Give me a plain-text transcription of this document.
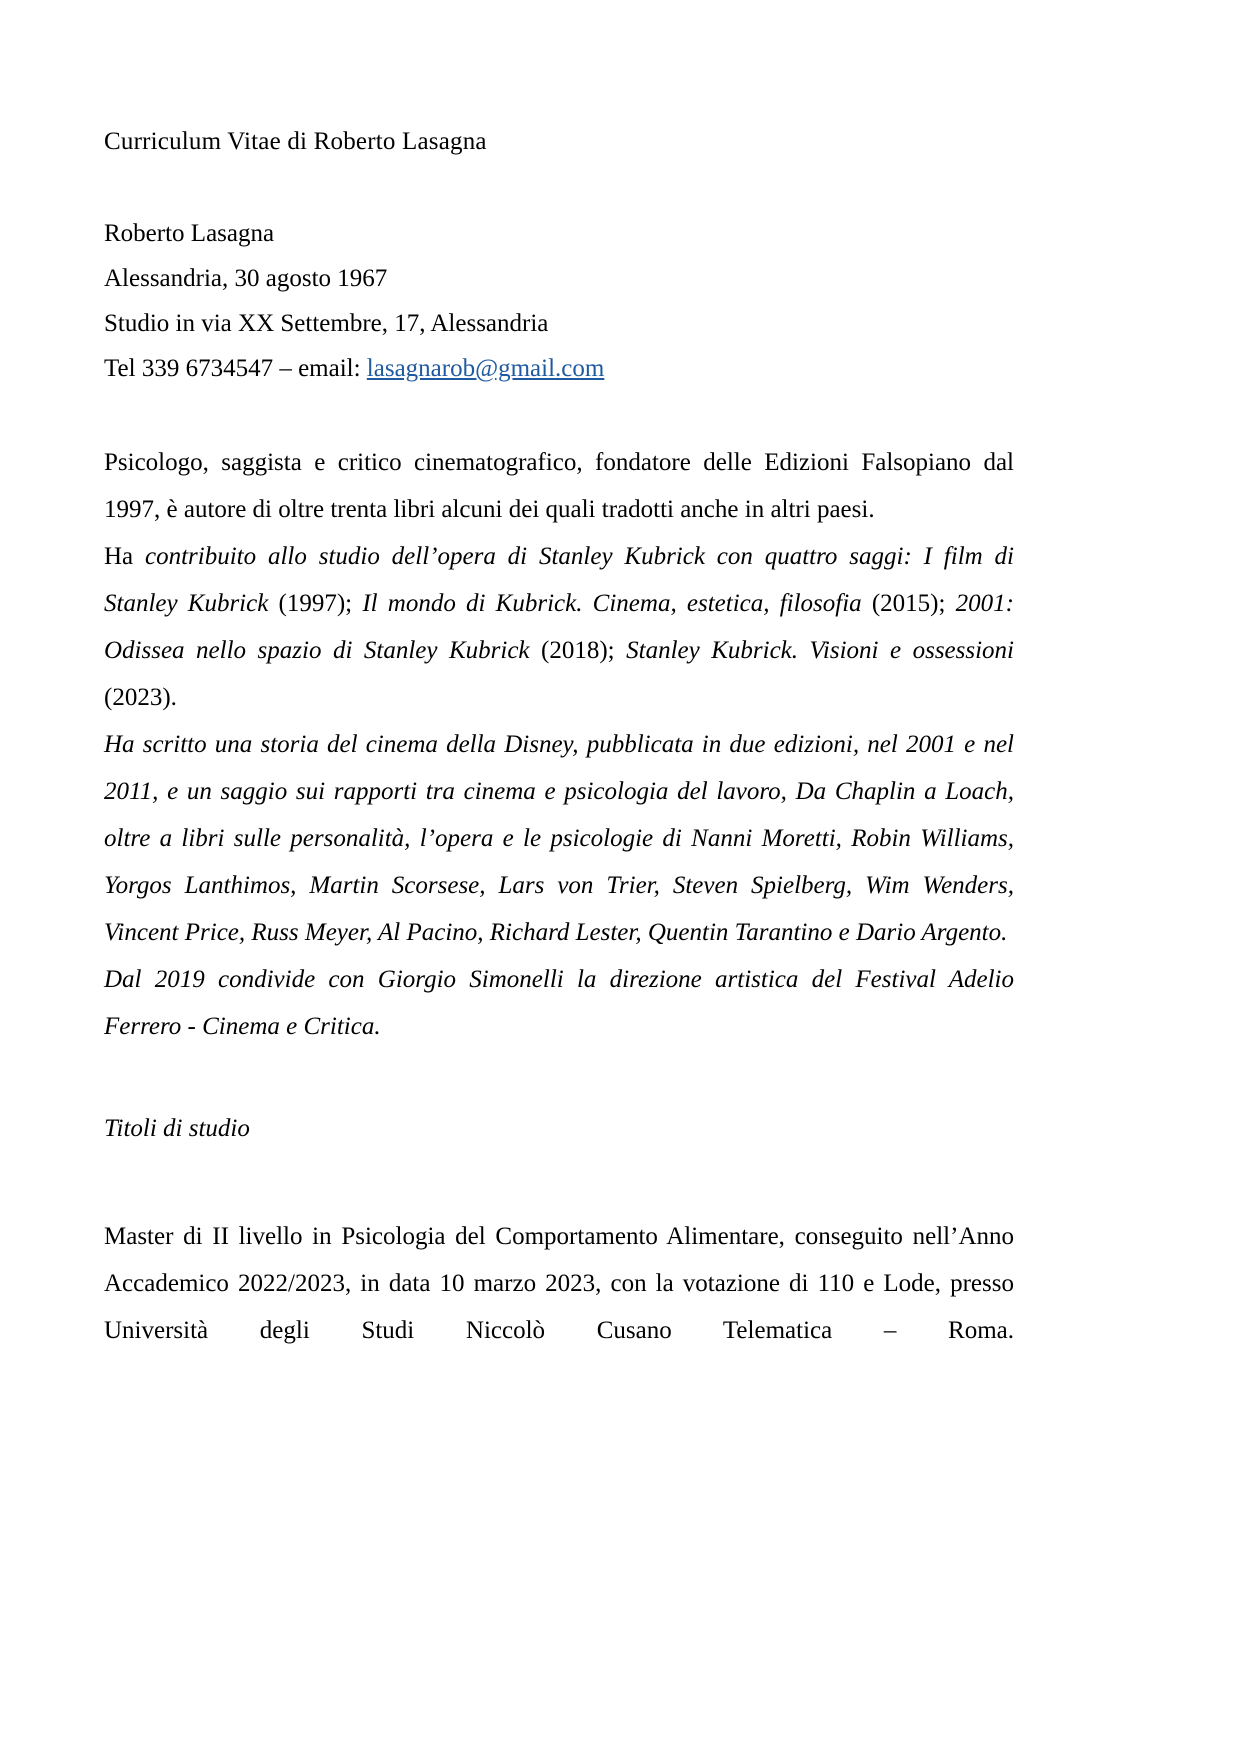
Curriculum Vitae di Roberto Lasagna
Roberto Lasagna
Alessandria, 30 agosto 1967
Studio in via XX Settembre, 17, Alessandria
Tel 339 6734547 – email: lasagnarob@gmail.com

Psicologo, saggista e critico cinematografico, fondatore delle Edizioni Falsopiano dal 1997, è autore di oltre trenta libri alcuni dei quali tradotti anche in altri paesi.

Ha contribuito allo studio dell’opera di Stanley Kubrick con quattro saggi: I film di Stanley Kubrick (1997); Il mondo di Kubrick. Cinema, estetica, filosofia (2015); 2001: Odissea nello spazio di Stanley Kubrick (2018); Stanley Kubrick. Visioni e ossessioni (2023).

Ha scritto una storia del cinema della Disney, pubblicata in due edizioni, nel 2001 e nel 2011, e un saggio sui rapporti tra cinema e psicologia del lavoro, Da Chaplin a Loach, oltre a libri sulle personalità, l’opera e le psicologie di Nanni Moretti, Robin Williams, Yorgos Lanthimos, Martin Scorsese, Lars von Trier, Steven Spielberg, Wim Wenders, Vincent Price, Russ Meyer, Al Pacino, Richard Lester, Quentin Tarantino e Dario Argento.

Dal 2019 condivide con Giorgio Simonelli la direzione artistica del Festival Adelio Ferrero - Cinema e Critica.

Titoli di studio

Master di II livello in Psicologia del Comportamento Alimentare, conseguito nell’Anno Accademico 2022/2023, in data 10 marzo 2023, con la votazione di 110 e Lode, presso Università degli Studi Niccolò Cusano Telematica – Roma.
